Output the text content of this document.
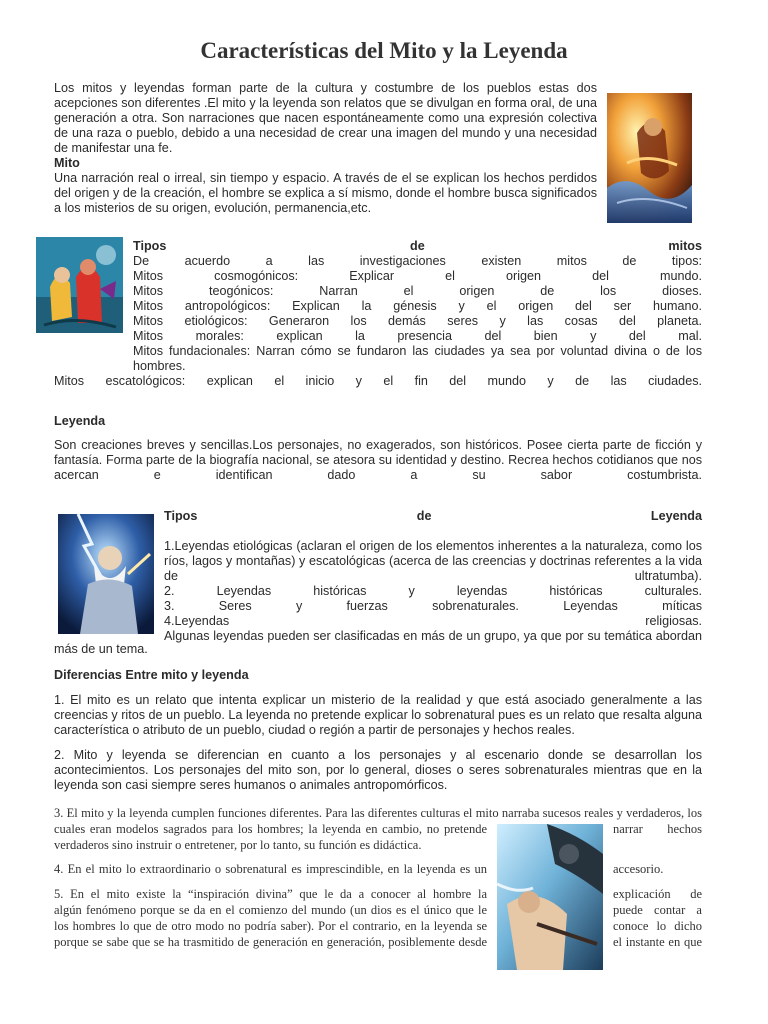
Características del Mito y la Leyenda
Los mitos y leyendas forman parte de la cultura y costumbre de los pueblos estas dos
acepciones son diferentes .El mito y la leyenda son relatos que se divulgan en forma oral, de una
generación a otra. Son narraciones que nacen espontáneamente como una expresión colectiva
de una raza o pueblo, debido a una necesidad de crear una imagen del mundo y una necesidad
de manifestar una fe.
Mito
Una narración real o irreal, sin tiempo y espacio. A través de el se explican los hechos perdidos
del origen y de la creación, el hombre se explica a sí mismo, donde el hombre busca significados
a los misterios de su origen, evolución, permanencia,etc.
Tipos de mitos
De acuerdo a las investigaciones existen mitos de tipos:
Mitos cosmogónicos: Explicar el origen del mundo.
Mitos teogónicos: Narran el origen de los dioses.
Mitos antropológicos: Explican la génesis y el origen del ser humano.
Mitos etiológicos: Generaron los demás seres y las cosas del planeta.
Mitos morales: explican la presencia del bien y del mal.
Mitos fundacionales: Narran cómo se fundaron las ciudades ya sea por voluntad divina o de los
hombres.
Mitos escatológicos: explican el inicio y el fin del mundo y de las ciudades.
Leyenda
Son creaciones breves y sencillas.Los personajes, no exagerados, son históricos. Posee cierta parte de ficción y
fantasía. Forma parte de la biografía nacional, se atesora su identidad y destino. Recrea hechos cotidianos que nos
acercan e identifican dado a su sabor costumbrista.
Tipos de Leyenda
1.Leyendas etiológicas (aclaran el origen de los elementos inherentes a la naturaleza, como los
ríos, lagos y montañas) y escatológicas (acerca de las creencias y doctrinas referentes a la vida
de ultratumba).
2. Leyendas históricas y leyendas históricas culturales.
3. Seres y fuerzas sobrenaturales. Leyendas míticas
4.Leyendas religiosas.
Algunas leyendas pueden ser clasificadas en más de un grupo, ya que por su temática abordan
más de un tema.
Diferencias Entre mito y leyenda
1. El mito es un relato que intenta explicar un misterio de la realidad y que está asociado generalmente a las
creencias y ritos de un pueblo. La leyenda no pretende explicar lo sobrenatural pues es un relato que resalta alguna
característica o atributo de un pueblo, ciudad o región a partir de personajes y hechos reales.
2. Mito y leyenda se diferencian en cuanto a los personajes y al escenario donde se desarrollan los
acontecimientos. Los personajes del mito son, por lo general, dioses o seres sobrenaturales mientras que en la
leyenda son casi siempre seres humanos o animales antropomórficos.
3. El mito y la leyenda cumplen funciones diferentes. Para las diferentes culturas el mito narraba sucesos reales y verdaderos, los
cuales eran modelos sagrados para los hombres; la leyenda en cambio, no pretende
verdaderos sino instruir o entretener, por lo tanto, su función es didáctica.
narrar hechos
4. En el mito lo extraordinario o sobrenatural es imprescindible, en la leyenda es un	accesorio.
5. En el mito existe la “inspiración divina” que le da a conocer al hombre la
algún fenómeno porque se da en el comienzo del mundo (un dios es el único que le
los hombres lo que de otro modo no podría saber). Por el contrario, en la leyenda se
porque se sabe que se ha trasmitido de generación en generación, posiblemente desde
explicación de
puede contar a
conoce lo dicho
el instante en que
